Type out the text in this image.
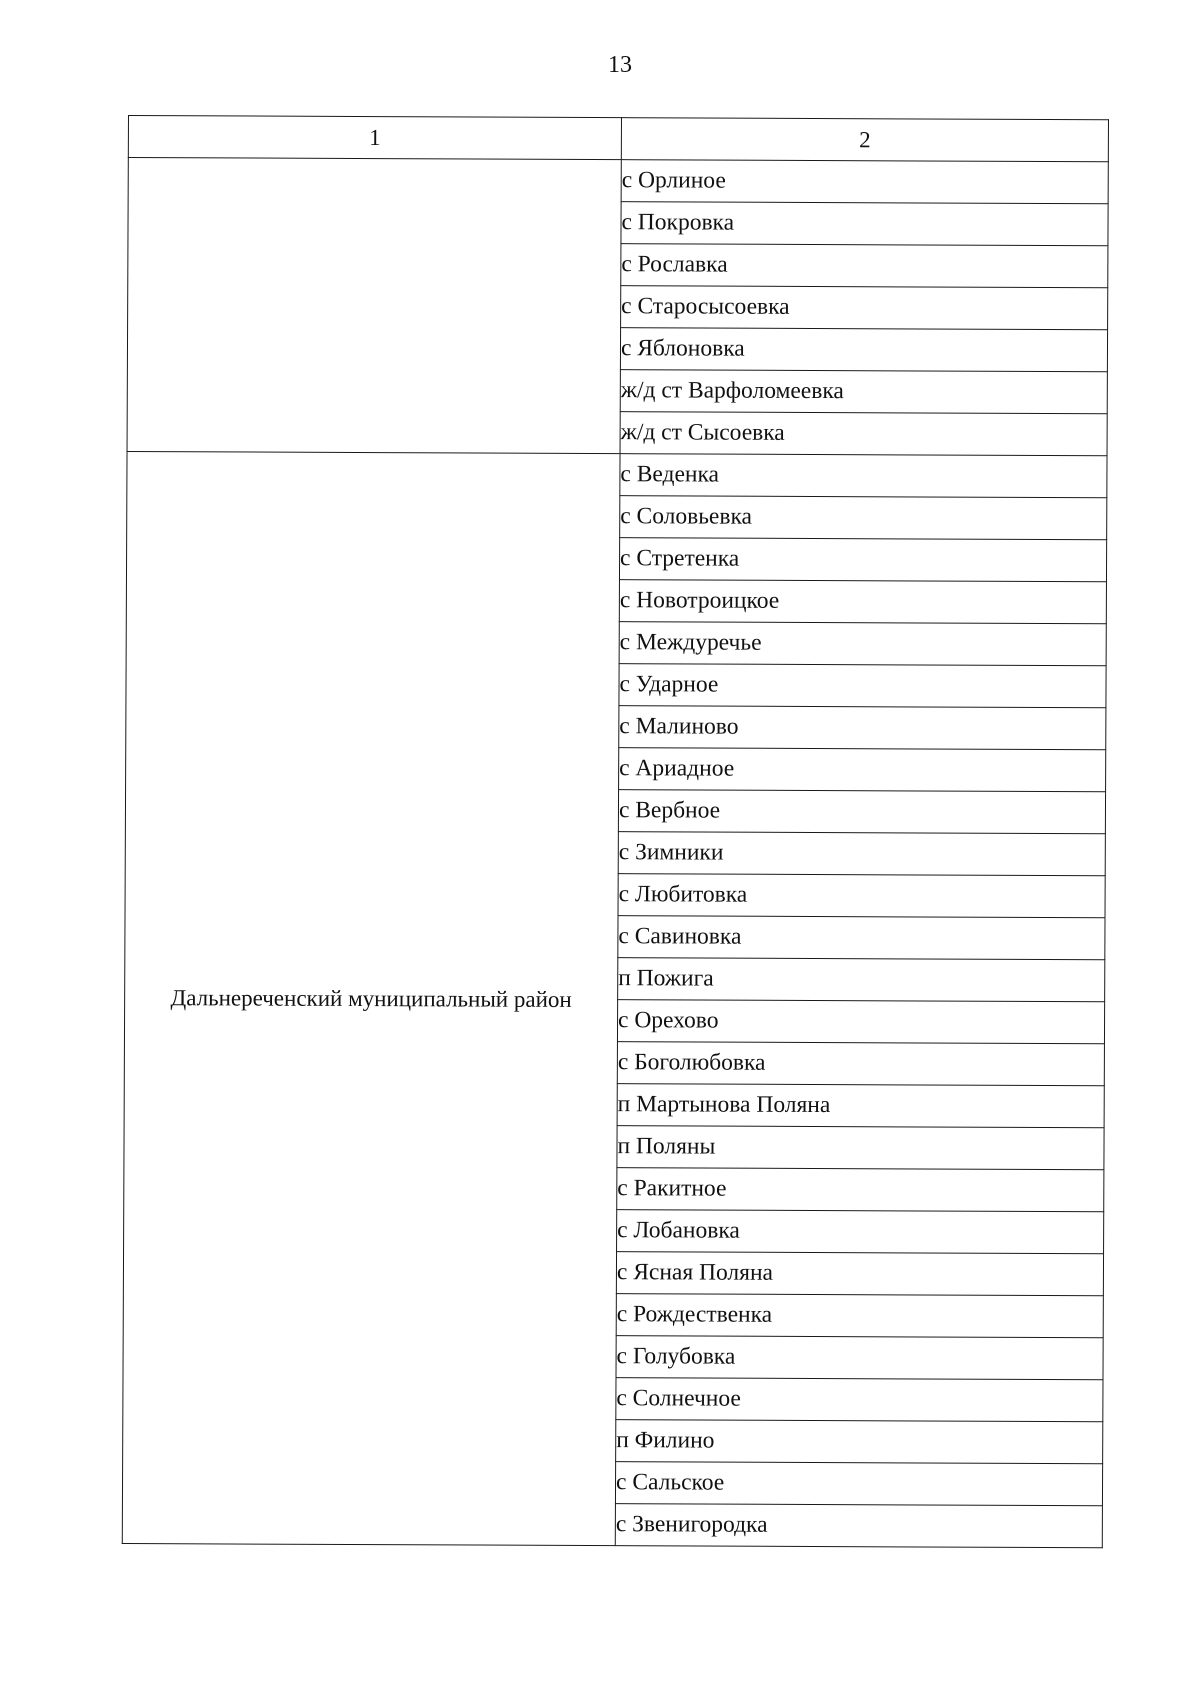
13
1	2
	с Орлиное
	с Покровка
	с Рославка
	с Старосысоевка
	с Яблоновка
	ж/д ст Варфоломеевка
	ж/д ст Сысоевка
Дальнереченский муниципальный район	с Веденка
	с Соловьевка
	с Стретенка
	с Новотроицкое
	с Междуречье
	с Ударное
	с Малиново
	с Ариадное
	с Вербное
	с Зимники
	с Любитовка
	с Савиновка
	п Пожига
	с Орехово
	с Боголюбовка
	п Мартынова Поляна
	п Поляны
	с Ракитное
	с Лобановка
	с Ясная Поляна
	с Рождественка
	с Голубовка
	с Солнечное
	п Филино
	с Сальское
	с Звенигородка
